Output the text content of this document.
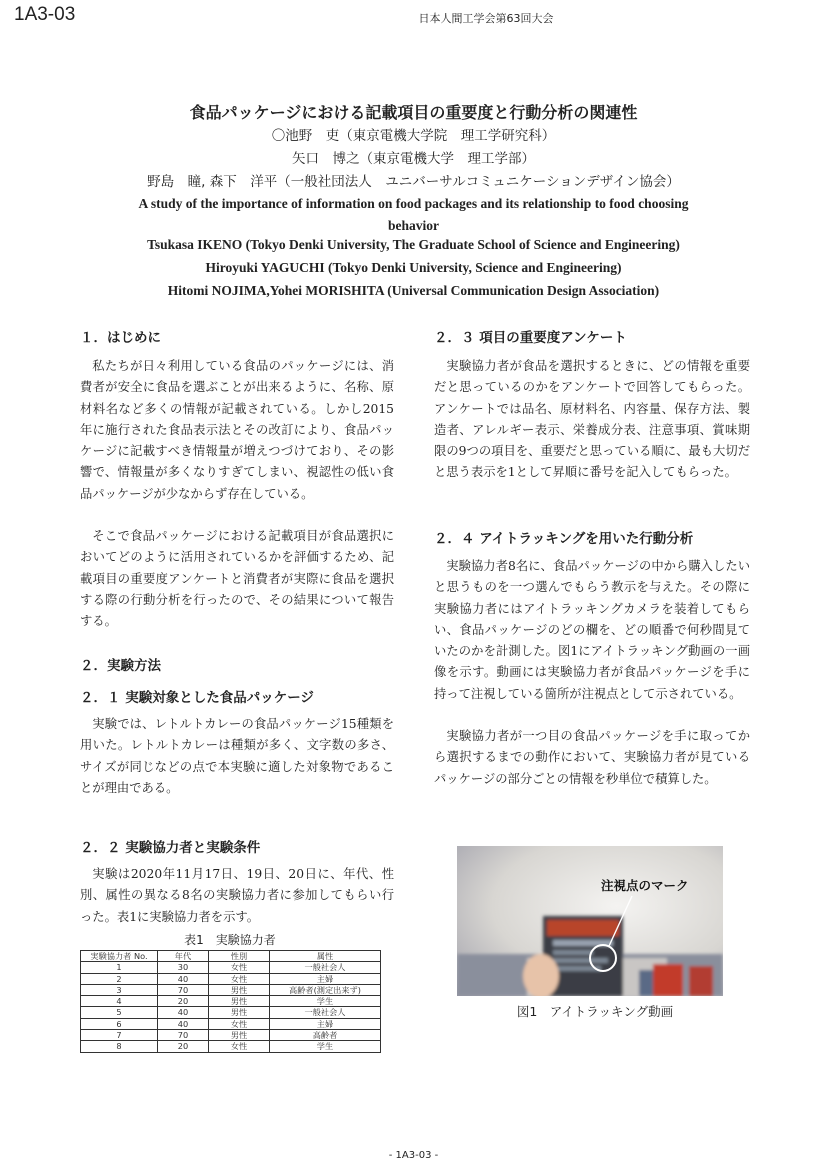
1A3-03	日本人間工学会第63回大会
食品パッケージにおける記載項目の重要度と行動分析の関連性
〇池野　吏（東京電機大学院　理工学研究科）
矢口　博之（東京電機大学　理工学部）
野島　瞳, 森下　洋平（一般社団法人　ユニバーサルコミュニケーションデザイン協会）
A study of the importance of information on food packages and its relationship to food choosing
behavior
Tsukasa IKENO (Tokyo Denki University, The Graduate School of Science and Engineering)
Hiroyuki YAGUCHI (Tokyo Denki University, Science and Engineering)
Hitomi NOJIMA,Yohei MORISHITA (Universal Communication Design Association)
１．はじめに
私たちが日々利用している食品のパッケージには、消費者が安全に食品を選ぶことが出来るように、名称、原材料名など多くの情報が記載されている。しかし2015年に施行された食品表示法とその改訂により、食品パッケージに記載すべき情報量が増えつづけており、その影響で、情報量が多くなりすぎてしまい、視認性の低い食品パッケージが少なからず存在している。
そこで食品パッケージにおける記載項目が食品選択においてどのように活用されているかを評価するため、記載項目の重要度アンケートと消費者が実際に食品を選択する際の行動分析を行ったので、その結果について報告する。
２．実験方法
２．１ 実験対象とした食品パッケージ
実験では、レトルトカレーの食品パッケージ15種類を用いた。レトルトカレーは種類が多く、文字数の多さ、サイズが同じなどの点で本実験に適した対象物であることが理由である。
２．２ 実験協力者と実験条件
実験は2020年11月17日、19日、20日に、年代、性別、属性の異なる8名の実験協力者に参加してもらい行った。表1に実験協力者を示す。
表1　実験協力者
実験協力者 No.	年代	性別	属性
1	30	女性	一般社会人
2	40	女性	主婦
3	70	男性	高齢者(測定出来ず)
4	20	男性	学生
5	40	男性	一般社会人
6	40	女性	主婦
7	70	男性	高齢者
8	20	女性	学生
２．３ 項目の重要度アンケート
実験協力者が食品を選択するときに、どの情報を重要だと思っているのかをアンケートで回答してもらった。アンケートでは品名、原材料名、内容量、保存方法、製造者、アレルギー表示、栄養成分表、注意事項、賞味期限の9つの項目を、重要だと思っている順に、最も大切だと思う表示を1として昇順に番号を記入してもらった。
２．４ アイトラッキングを用いた行動分析
実験協力者8名に、食品パッケージの中から購入したいと思うものを一つ選んでもらう教示を与えた。その際に実験協力者にはアイトラッキングカメラを装着してもらい、食品パッケージのどの欄を、どの順番で何秒間見ていたのかを計測した。図1にアイトラッキング動画の一画像を示す。動画には実験協力者が食品パッケージを手に持って注視している箇所が注視点として示されている。
実験協力者が一つ目の食品パッケージを手に取ってから選択するまでの動作において、実験協力者が見ているパッケージの部分ごとの情報を秒単位で積算した。
注視点のマーク
図1　アイトラッキング動画
- 1A3-03 -
